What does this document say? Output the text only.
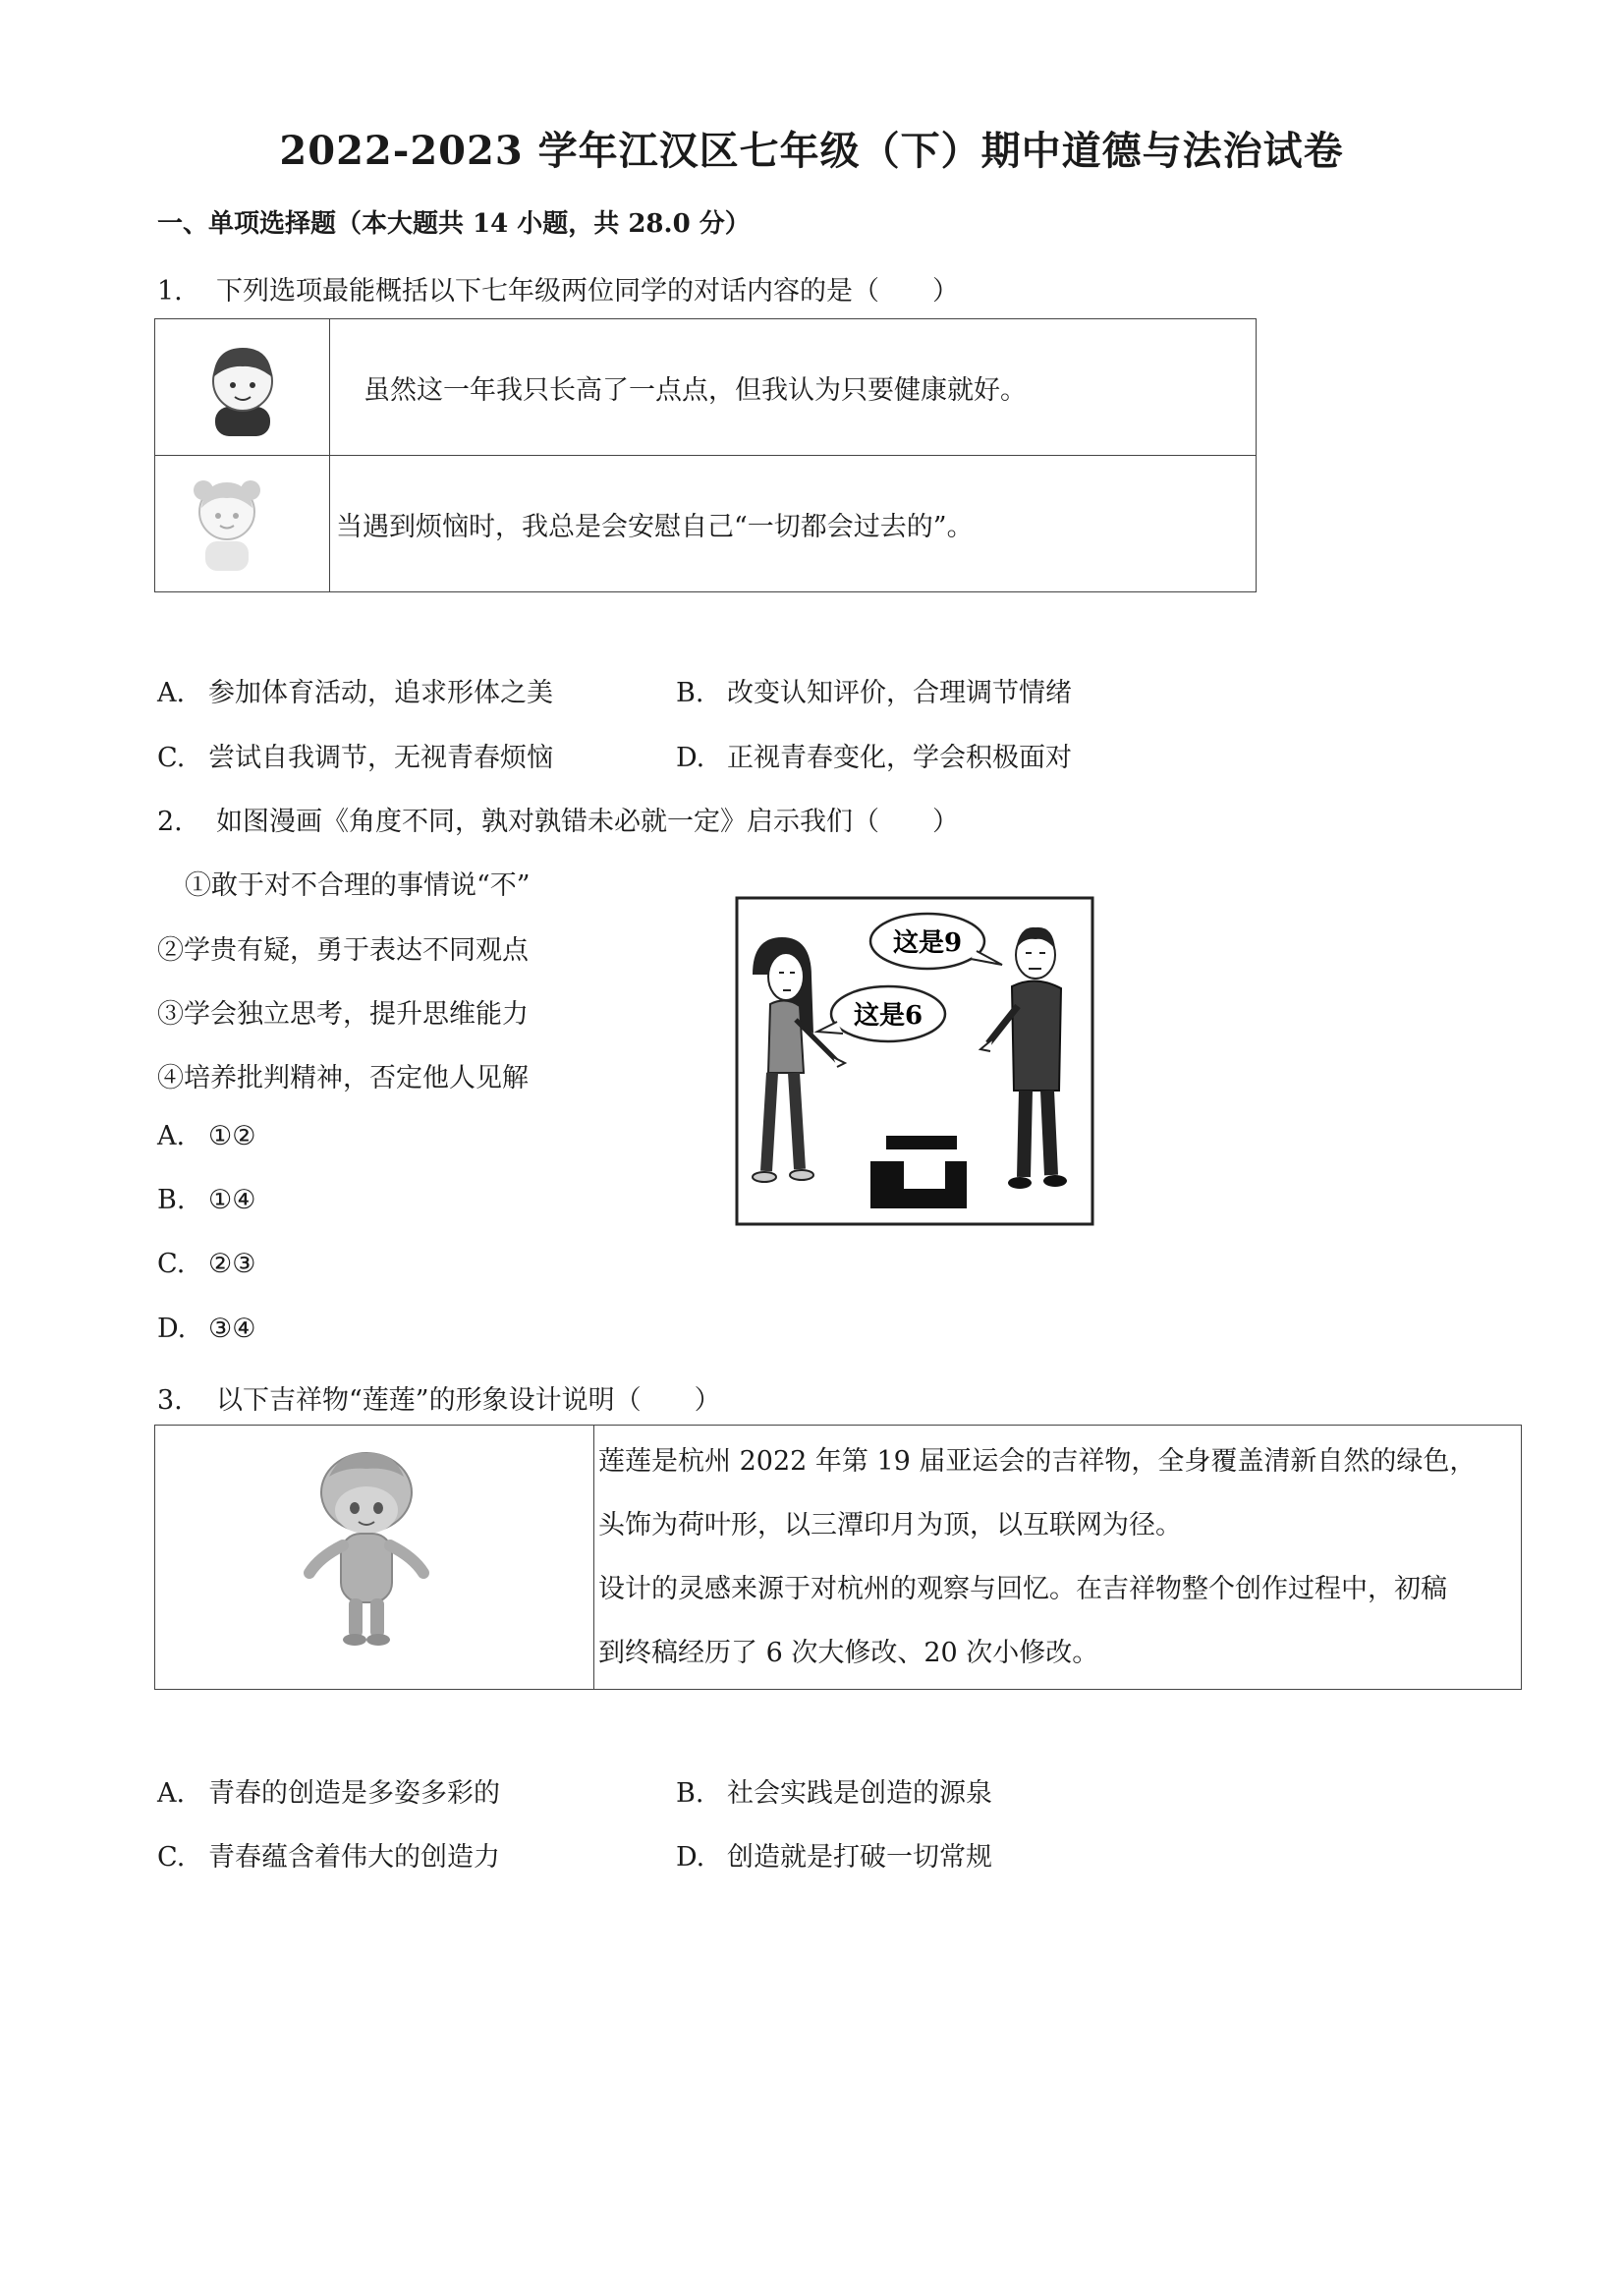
2022-2023 学年江汉区七年级（下）期中道德与法治试卷
一、单项选择题（本大题共 14 小题，共 28.0 分）
1. 下列选项最能概括以下七年级两位同学的对话内容的是（　　）
	虽然这一年我只长高了一点点，但我认为只要健康就好。

	当遇到烦恼时，我总是会安慰自己“一切都会过去的”。
A. 参加体育活动，追求形体之美	B. 改变认知评价，合理调节情绪
C. 尝试自我调节，无视青春烦恼	D. 正视青春变化，学会积极面对
2. 如图漫画《角度不同，孰对孰错未必就一定》启示我们（　　）
①敢于对不合理的事情说“不”
②学贵有疑，勇于表达不同观点
③学会独立思考，提升思维能力
④培养批判精神，否定他人见解
A. ①②
B. ①④
C. ②③
D. ③④
这是9
这是6
3. 以下吉祥物“莲莲”的形象设计说明（　　）

莲莲是杭州 2022 年第 19 届亚运会的吉祥物，全身覆盖清新自然的绿色，
头饰为荷叶形，以三潭印月为顶，以互联网为径。
设计的灵感来源于对杭州的观察与回忆。在吉祥物整个创作过程中，初稿
到终稿经历了 6 次大修改、20 次小修改。
A. 青春的创造是多姿多彩的	B. 社会实践是创造的源泉
C. 青春蕴含着伟大的创造力	D. 创造就是打破一切常规
